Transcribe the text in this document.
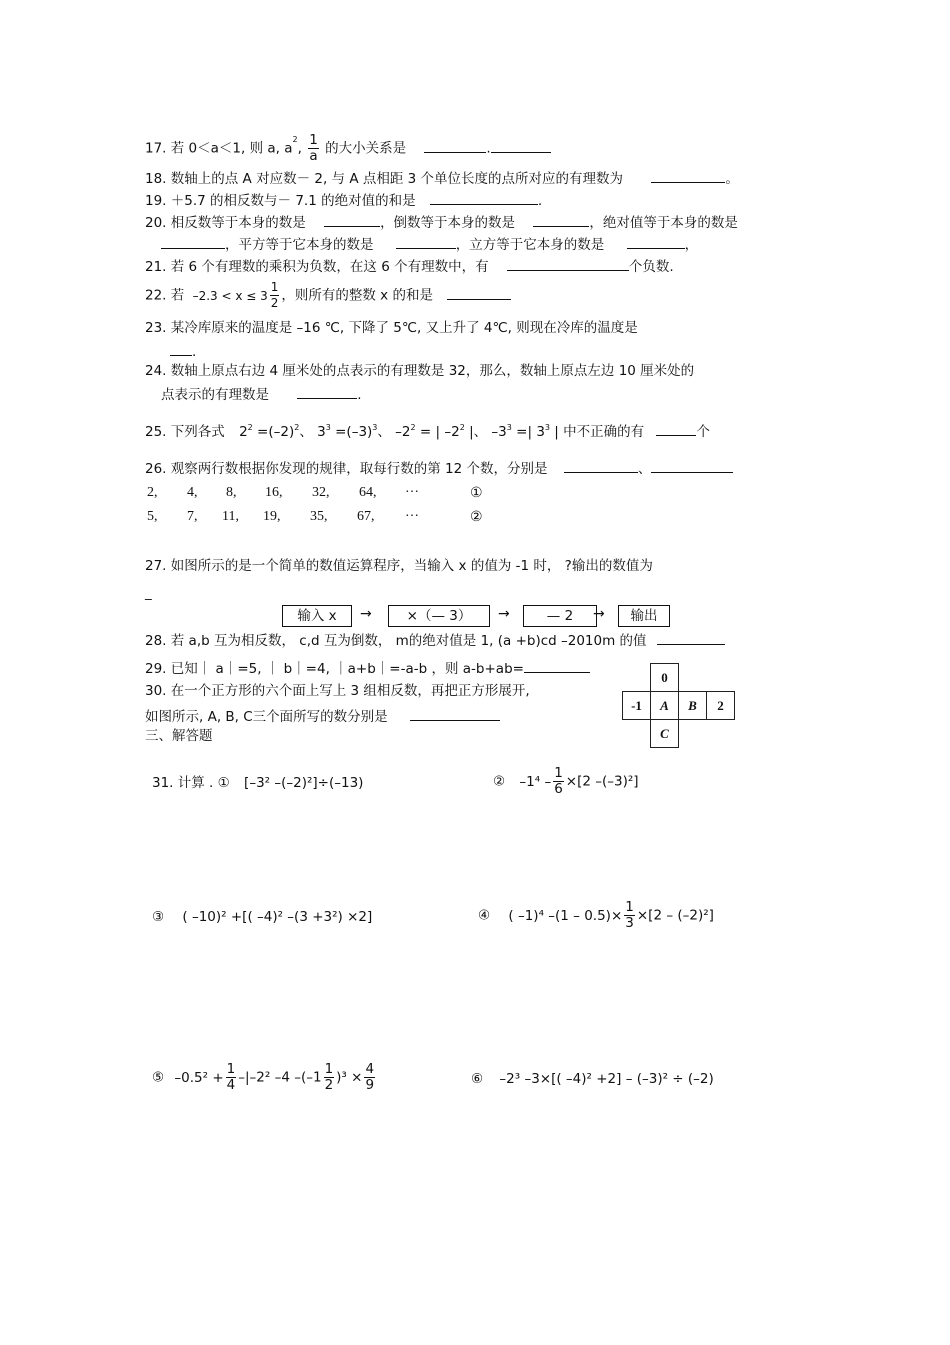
17. 若 0＜a＜1, 则 a, $a^2$, $\frac{1}{a}$ 的大小关系是	.
18. 数轴上的点 A 对应数－ 2, 与 A 点相距 3 个单位长度的点所对应的有理数为	。
19. ＋5.7 的相反数与－ 7.1 的绝对值的和是	.
20. 相反数等于本身的数是	，倒数等于本身的数是	，绝对值等于本身的数是
，平方等于它本身的数是	，立方等于它本身的数是	，
21. 若 6 个有理数的乘积为负数，在这 6 个有理数中，有	个负数.
22. 若 $-2.3 < x \le 3 \frac{1}{2}$ ，则所有的整数 x 的和是
23. 某冷库原来的温度是 –16 ℃, 下降了 5℃, 又上升了 4℃, 则现在冷库的温度是
.
24. 数轴上原点右边 4 厘米处的点表示的有理数是 32，那么，数轴上原点左边 10 厘米处的
点表示的有理数是	.
25. 下列各式 $2^2 =(-2)^2$、 $3^3 =(-3)^3$、 $-2^2$ = | $-2^2$ |、 $-3^3$ =| $3^3$ | 中不正确的有	个
26. 观察两行数根据你发现的规律，取每行数的第 12 个数，分别是	、
2, 4, 8, 16, 32, 64, ···	①
5, 7, 11, 19, 35, 67, ···	②
27. 如图所示的是一个简单的数值运算程序，当输入 x 的值为 -1 时， ?输出的数值为
_
输入 x	→	×（— 3）	→	— 2	→	输出
28. 若 a,b 互为相反数， c,d 互为倒数， m的绝对值是 1, (a +b)cd –2010m 的值
29. 已知｜ a｜=5, ｜ b｜=4, ｜a+b｜=-a-b ，则 a-b+ab=
30. 在一个正方形的六个面上写上 3 组相反数，再把正方形展开,
如图所示, A, B, C三个面所写的数分别是
	0		
-1	A	B	2
	C		
三、解答题
31. 计算 . ① [–3² –(–2)²]÷(–13)	② $-1^4 - \frac{1}{6} \times[2$ –(–3)²]
③ ( –10)² +[( –4)² –(3 +3²) ×2]	④ ( –1)⁴ $-(1 - 0.5)\times \frac{1}{3} \times[2 - (-2)^2]$
⑤ $-0.5^2 + \frac{1}{4} -|-2^2$ –4 $-(-1 \frac{1}{2} )^3 \times \frac{4}{9}$	⑥ –2³ –3×[( –4)² +2] – (–3)² ÷ (–2)
